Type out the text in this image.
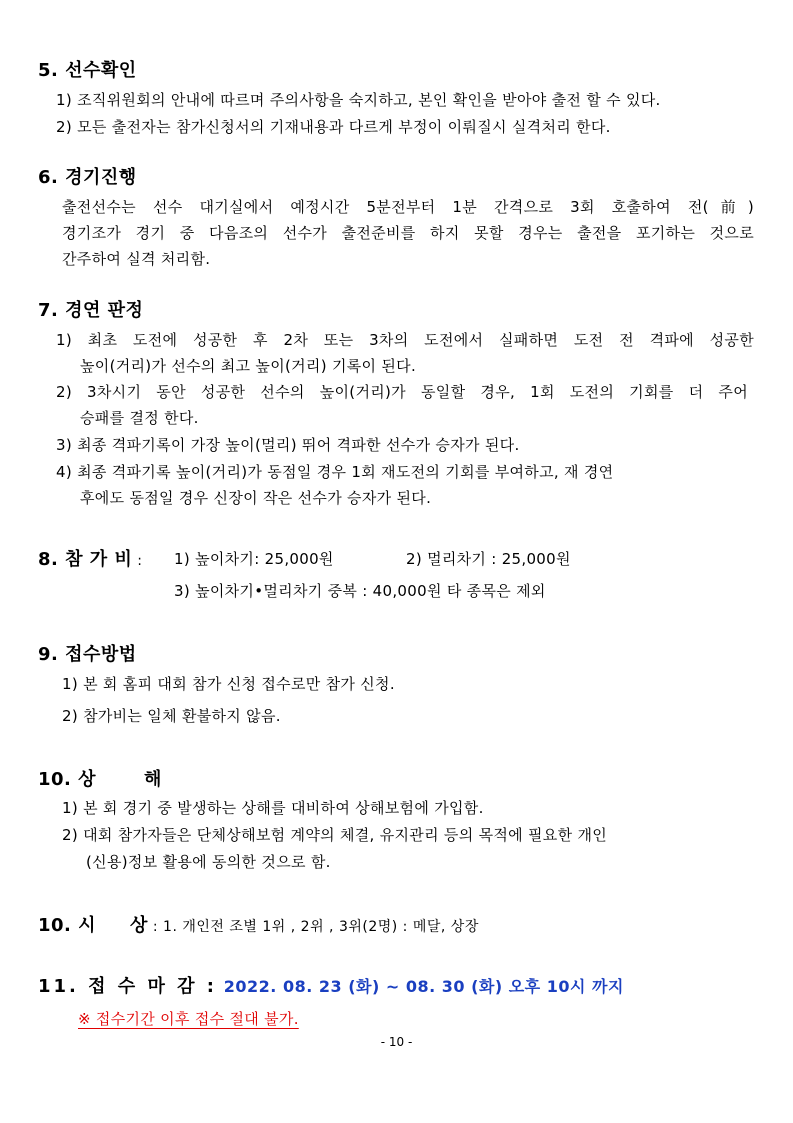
5. 선수확인
1) 조직위원회의 안내에 따르며 주의사항을 숙지하고, 본인 확인을 받아야 출전 할 수 있다.
2) 모든 출전자는 참가신청서의 기재내용과 다르게 부정이 이뤄질시 실격처리 한다.
6. 경기진행
출전선수는 선수 대기실에서 예정시간 5분전부터 1분 간격으로 3회 호출하여 전(前)
경기조가 경기 중 다음조의 선수가 출전준비를 하지 못할 경우는 출전을 포기하는 것으로
간주하여 실격 처리함.
7. 경연 판정
1) 최초 도전에 성공한 후 2차 또는 3차의 도전에서 실패하면 도전 전 격파에 성공한
높이(거리)가 선수의 최고 높이(거리) 기록이 된다.
2) 3차시기 동안 성공한 선수의 높이(거리)가 동일할 경우, 1회 도전의 기회를 더 주어
승패를 결정 한다.
3) 최종 격파기록이 가장 높이(멀리) 뛰어 격파한 선수가 승자가 된다.
4) 최종 격파기록 높이(거리)가 동점일 경우 1회 재도전의 기회를 부여하고, 재 경연
후에도 동점일 경우 신장이 작은 선수가 승자가 된다.
8. 참 가 비 : 1) 높이차기: 25,000원	2) 멀리차기 : 25,000원
3) 높이차기•멀리차기 중복 : 40,000원 타 종목은 제외
9. 접수방법
1) 본 회 홈피 대회 참가 신청 접수로만 참가 신청.
2) 참가비는 일체 환불하지 않음.
10. 상	해
1) 본 회 경기 중 발생하는 상해를 대비하여 상해보험에 가입함.
2) 대회 참가자들은 단체상해보험 계약의 체결, 유지관리 등의 목적에 필요한 개인
(신용)정보 활용에 동의한 것으로 함.
10. 시 상 : 1. 개인전 조별 1위 , 2위 , 3위(2명) : 메달, 상장
11. 접 수 마 감 : 2022. 08. 23 (화) ~ 08. 30 (화) 오후 10시 까지
※ 접수기간 이후 접수 절대 불가.
- 10 -
